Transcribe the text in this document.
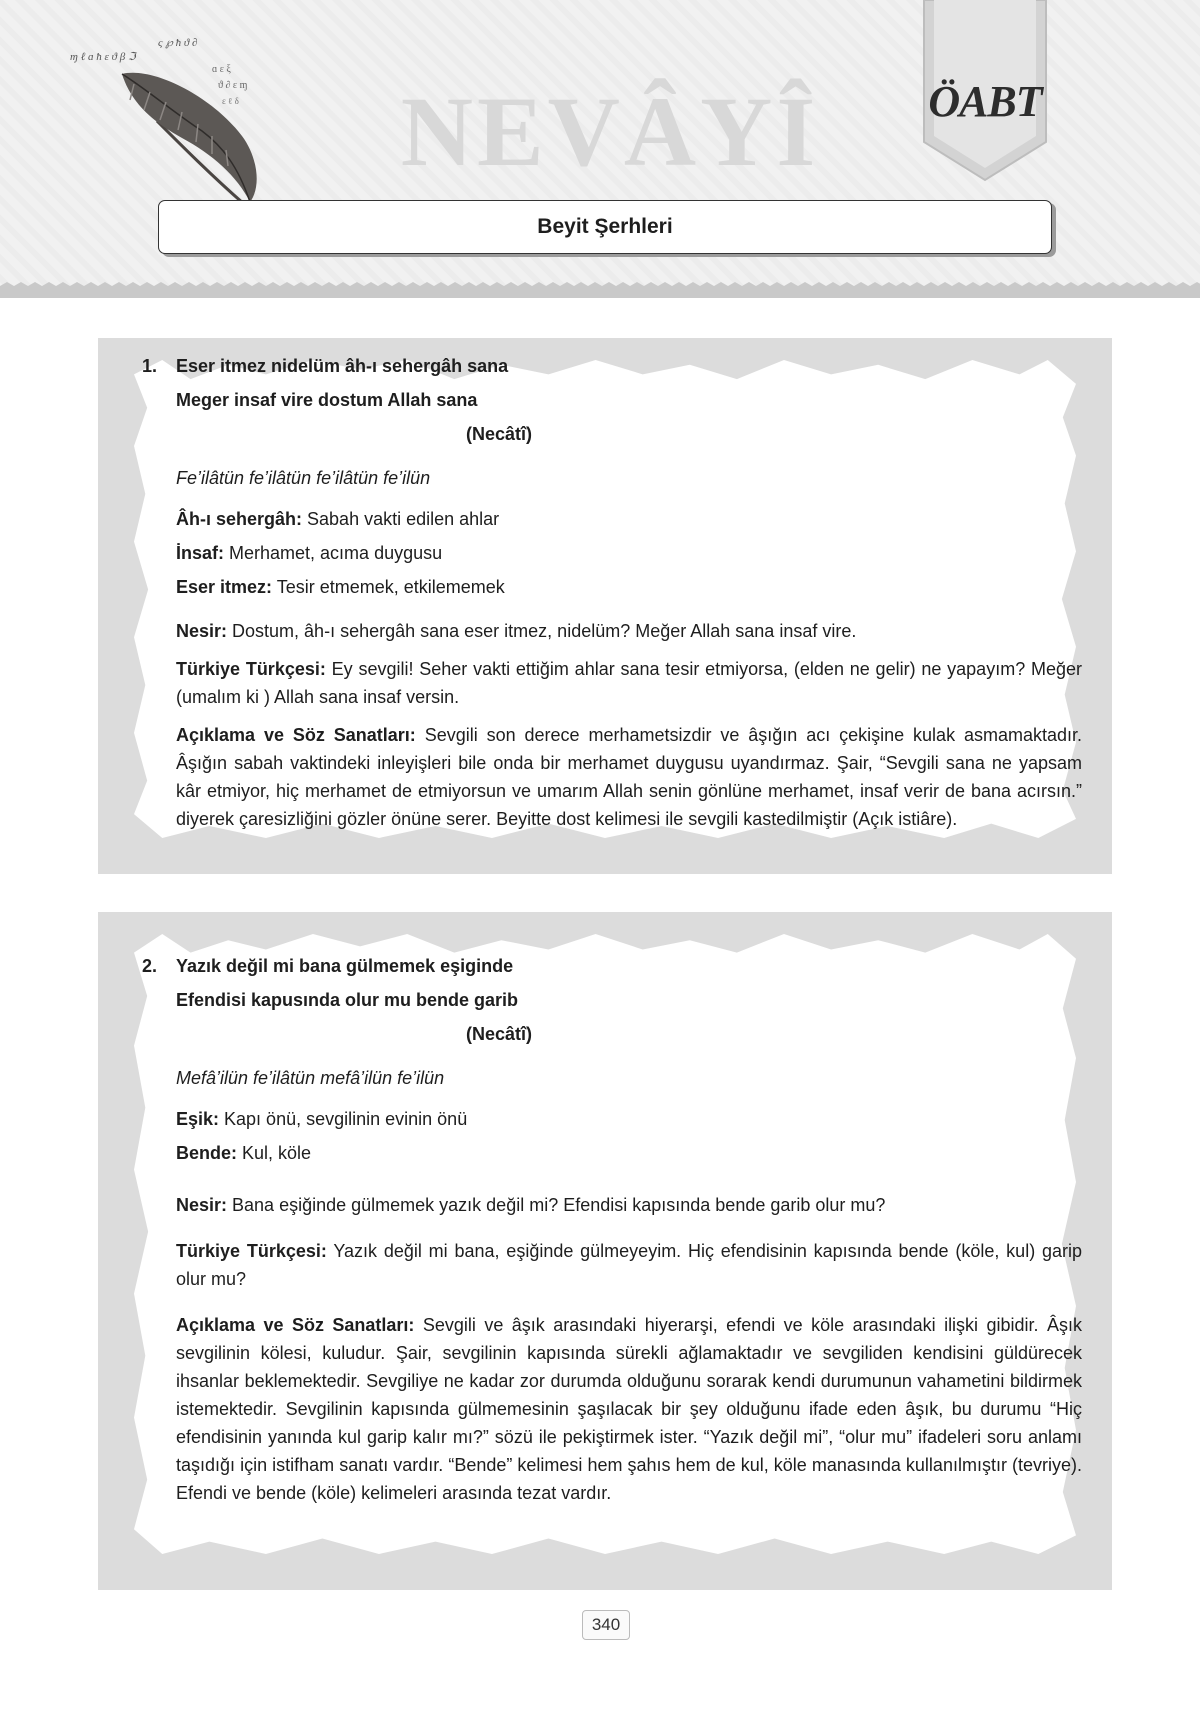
ɱ ℓ ɑ ħ ε ϑ β ℑ
ς ℘ ħ ϑ ∂
ɑ ε ξ
ϑ ∂ ε ɱ
ε ℓ δ NEVÂYÎ ÖABT
Beyit Şerhleri
1.	Eser itmez nidelüm âh-ı sehergâh sana
Meger insaf vire dostum Allah sana
(Necâtî)
Fe’ilâtün fe’ilâtün fe’ilâtün fe’ilün
Âh-ı sehergâh: Sabah vakti edilen ahlar
İnsaf: Merhamet, acıma duygusu
Eser itmez: Tesir etmemek, etkilememek
Nesir: Dostum, âh-ı sehergâh sana eser itmez, nidelüm? Meğer Allah sana insaf vire.
Türkiye Türkçesi: Ey sevgili! Seher vakti ettiğim ahlar sana tesir etmiyorsa, (elden ne gelir) ne yapayım? Meğer (umalım ki ) Allah sana insaf versin.
Açıklama ve Söz Sanatları: Sevgili son derece merhametsizdir ve âşığın acı çekişine kulak asmamaktadır. Âşığın sabah vaktindeki inleyişleri bile onda bir merhamet duygusu uyandırmaz. Şair, “Sevgili sana ne yapsam kâr etmiyor, hiç merhamet de etmiyorsun ve umarım Allah senin gönlüne merhamet, insaf verir de bana acırsın.” diyerek çaresizliğini gözler önüne serer. Beyitte dost kelimesi ile sevgili kastedilmiştir (Açık istiâre).
2.	Yazık değil mi bana gülmemek eşiginde
Efendisi kapusında olur mu bende garib
(Necâtî)
Mefâ’ilün fe’ilâtün mefâ’ilün fe’ilün
Eşik: Kapı önü, sevgilinin evinin önü
Bende: Kul, köle
Nesir: Bana eşiğinde gülmemek yazık değil mi? Efendisi kapısında bende garib olur mu?
Türkiye Türkçesi: Yazık değil mi bana, eşiğinde gülmeyeyim. Hiç efendisinin kapısında bende (köle, kul) garip olur mu?
Açıklama ve Söz Sanatları: Sevgili ve âşık arasındaki hiyerarşi, efendi ve köle arasındaki ilişki gibidir. Âşık sevgilinin kölesi, kuludur. Şair, sevgilinin kapısında sürekli ağlamaktadır ve sevgiliden kendisini güldürecek ihsanlar beklemektedir. Sevgiliye ne kadar zor durumda olduğunu sorarak kendi durumunun vahametini bildirmek istemektedir. Sevgilinin kapısında gülmemesinin şaşılacak bir şey olduğunu ifade eden âşık, bu durumu “Hiç efendisinin yanında kul garip kalır mı?” sözü ile pekiştirmek ister. “Yazık değil mi”, “olur mu” ifadeleri soru anlamı taşıdığı için istifham sanatı vardır. “Bende” kelimesi hem şahıs hem de kul, köle manasında kullanılmıştır (tevriye). Efendi ve bende (köle) kelimeleri arasında tezat vardır.
340
